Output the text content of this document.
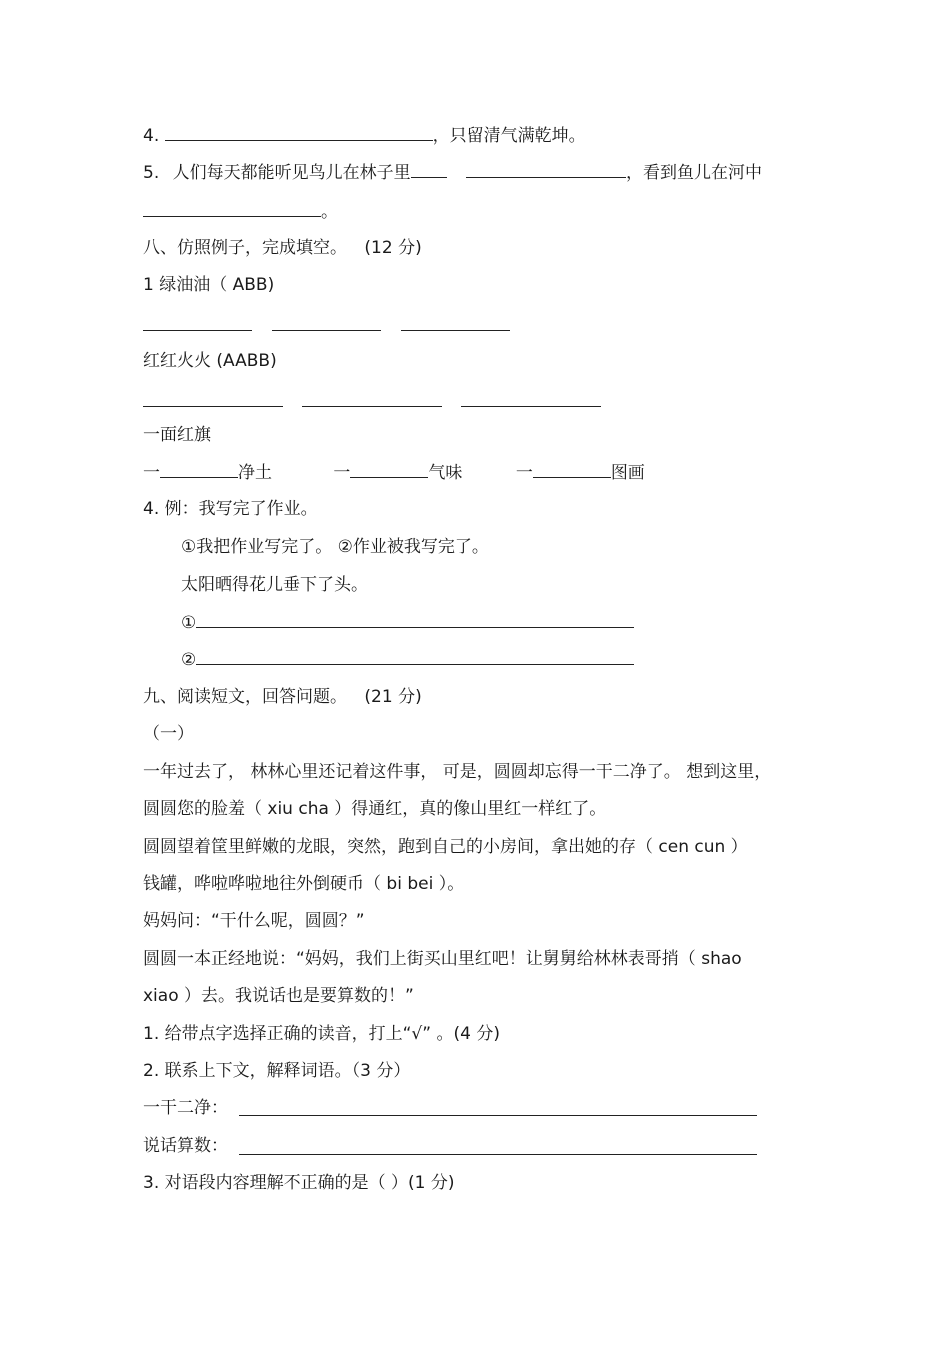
4.	，只留清气满乾坤。
5. 人们每天都能听见鸟儿在林子里	，看到鱼儿在河中
。
八、仿照例子，完成填空。 (12 分)
1 绿油油（ ABB)
红红火火 (AABB)
一面红旗
一	净土	一	气味	一	图画
4. 例：我写完了作业。
①我把作业写完了。 ②作业被我写完了。
太阳晒得花儿垂下了头。
①
②
九、阅读短文，回答问题。 (21 分)
（一）
一年过去了， 林林心里还记着这件事， 可是，圆圆却忘得一干二净了。 想到这里，
圆圆您的脸羞（ xiu cha ）得通红，真的像山里红一样红了。
圆圆望着筐里鲜嫩的龙眼，突然，跑到自己的小房间，拿出她的存（ cen cun ）
钱罐，哗啦哗啦地往外倒硬币（ bi bei ）。
妈妈问：“干什么呢，圆圆？”
圆圆一本正经地说：“妈妈，我们上街买山里红吧！让舅舅给林林表哥捎（ shao
xiao ）去。我说话也是要算数的！”
1. 给带点字选择正确的读音，打上“√” 。(4 分)
2. 联系上下文，解释词语。（3 分）
一干二净：
说话算数：
3. 对语段内容理解不正确的是（ ）(1 分)
